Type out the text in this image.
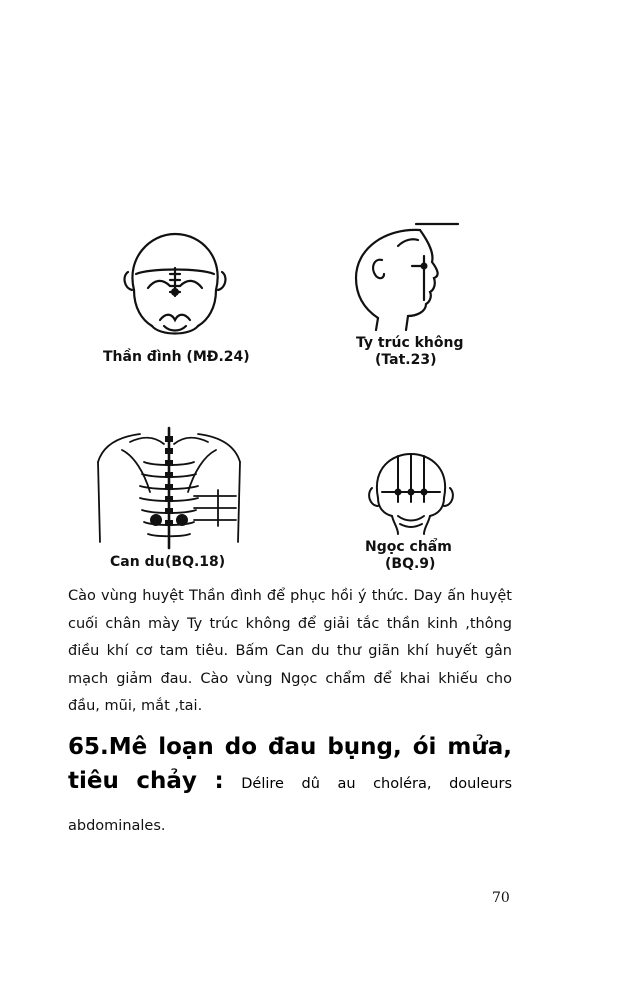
Thần đình (MĐ.24)
Ty trúc không
(Tat.23)
Can du (BQ.18)
Ngọc chẩm
(BQ.9)
Cào vùng huyệt Thần đình để phục hồi ý thức. Day ấn huyệt cuối chân mày Ty trúc không để giải tắc thần kinh ,thông điều khí cơ tam tiêu. Bấm Can du thư giãn khí huyết gân mạch giảm đau. Cào vùng Ngọc chẩm để khai khiếu cho đầu, mũi, mắt ,tai.
65.Mê loạn do đau bụng, ói mửa,
tiêu chảy : Délire dû au choléra, douleurs
abdominales.
70
